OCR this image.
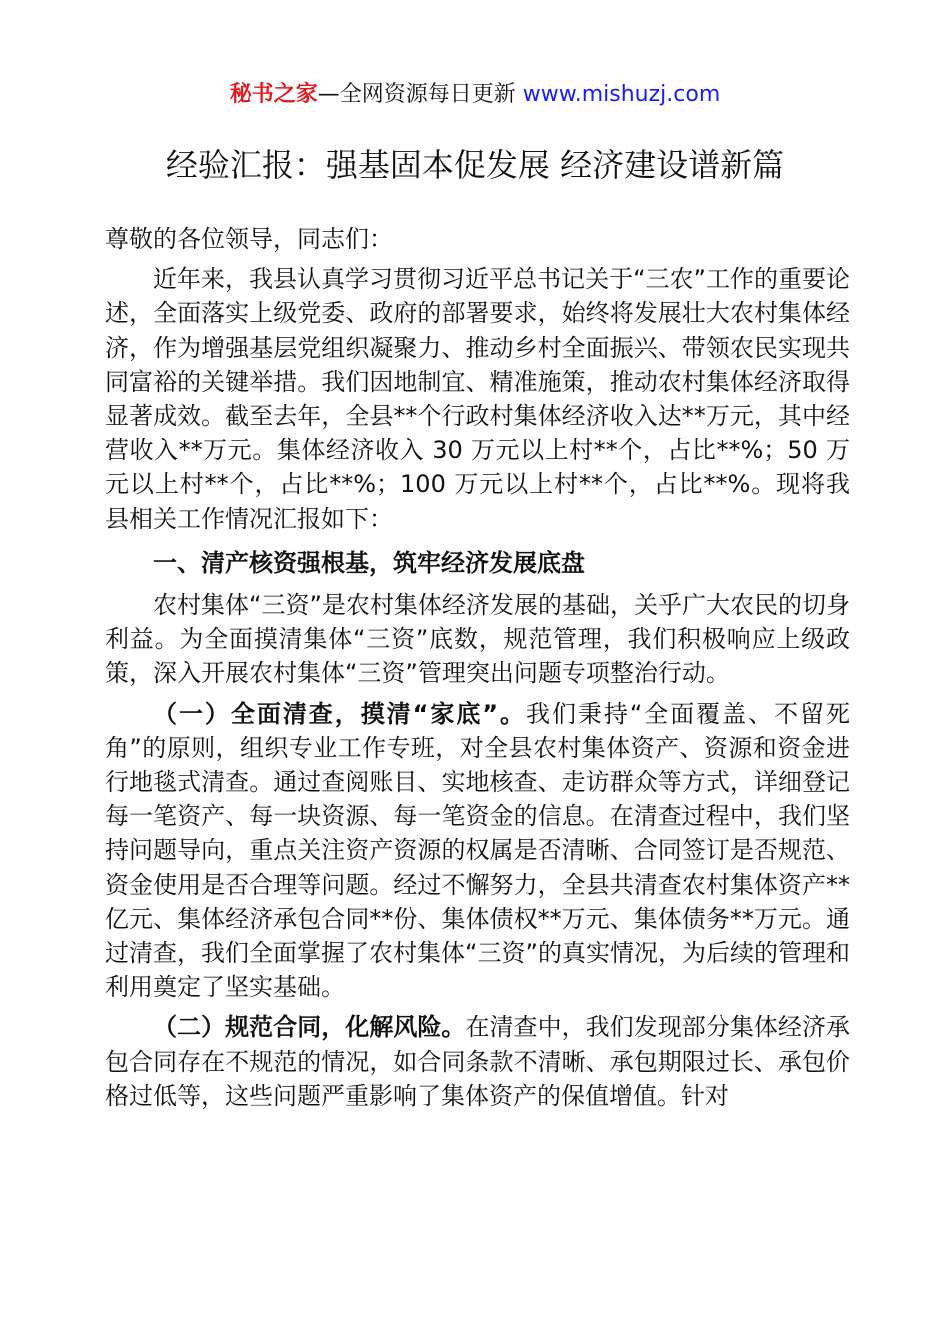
秘书之家—全网资源每日更新 www.mishuzj.com
经验汇报：强基固本促发展 经济建设谱新篇

尊敬的各位领导，同志们：

近年来，我县认真学习贯彻习近平总书记关于“三农”工作的重要论述，全面落实上级党委、政府的部署要求，始终将发展壮大农村集体经济，作为增强基层党组织凝聚力、推动乡村全面振兴、带领农民实现共同富裕的关键举措。我们因地制宜、精准施策，推动农村集体经济取得显著成效。截至去年，全县**个行政村集体经济收入达**万元，其中经营收入**万元。集体经济收入 30 万元以上村**个，占比**%；50 万元以上村**个，占比**%；100 万元以上村**个，占比**%。现将我县相关工作情况汇报如下：

一、清产核资强根基，筑牢经济发展底盘

农村集体“三资”是农村集体经济发展的基础，关乎广大农民的切身利益。为全面摸清集体“三资”底数，规范管理，我们积极响应上级政策，深入开展农村集体“三资”管理突出问题专项整治行动。

（一）全面清查，摸清“家底”。我们秉持“全面覆盖、不留死角”的原则，组织专业工作专班，对全县农村集体资产、资源和资金进行地毯式清查。通过查阅账目、实地核查、走访群众等方式，详细登记每一笔资产、每一块资源、每一笔资金的信息。在清查过程中，我们坚持问题导向，重点关注资产资源的权属是否清晰、合同签订是否规范、资金使用是否合理等问题。经过不懈努力，全县共清查农村集体资产**亿元、集体经济承包合同**份、集体债权**万元、集体债务**万元。通过清查，我们全面掌握了农村集体“三资”的真实情况，为后续的管理和利用奠定了坚实基础。

（二）规范合同，化解风险。在清查中，我们发现部分集体经济承包合同存在不规范的情况，如合同条款不清晰、承包期限过长、承包价格过低等，这些问题严重影响了集体资产的保值增值。针对
